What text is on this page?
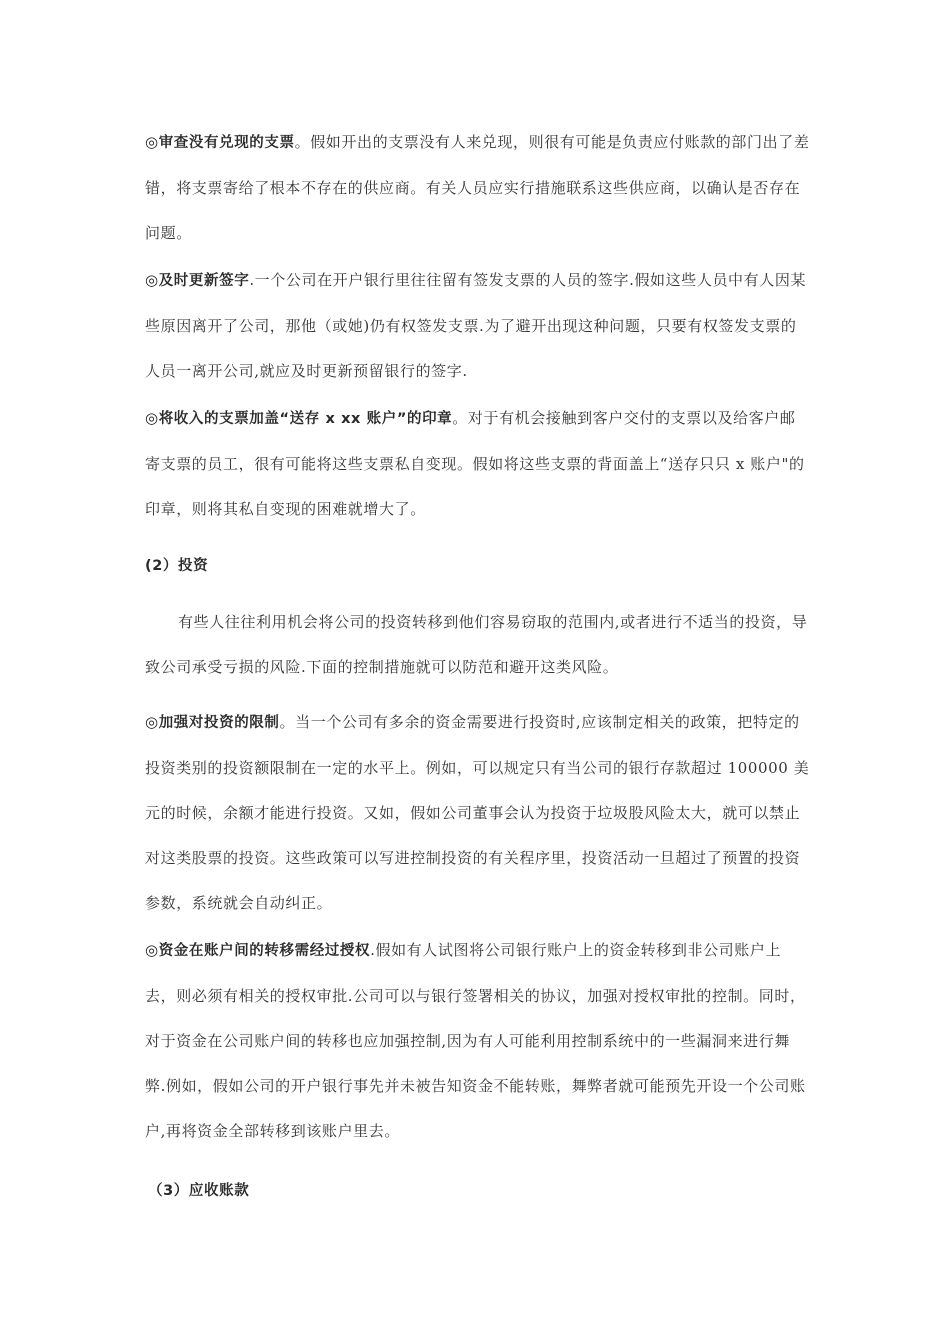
◎审查没有兑现的支票。假如开出的支票没有人来兑现，则很有可能是负责应付账款的部门出了差错，将支票寄给了根本不存在的供应商。有关人员应实行措施联系这些供应商，以确认是否存在问题。

◎及时更新签字.一个公司在开户银行里往往留有签发支票的人员的签字.假如这些人员中有人因某些原因离开了公司，那他（或她)仍有权签发支票.为了避开出现这种问题，只要有权签发支票的人员一离开公司,就应及时更新预留银行的签字.

◎将收入的支票加盖“送存 x xx 账户”的印章。对于有机会接触到客户交付的支票以及给客户邮寄支票的员工，很有可能将这些支票私自变现。假如将这些支票的背面盖上“送存只只 x 账户"的印章，则将其私自变现的困难就增大了。

(2）投资

有些人往往利用机会将公司的投资转移到他们容易窃取的范围内,或者进行不适当的投资，导致公司承受亏损的风险.下面的控制措施就可以防范和避开这类风险。

◎加强对投资的限制。当一个公司有多余的资金需要进行投资时,应该制定相关的政策，把特定的投资类别的投资额限制在一定的水平上。例如，可以规定只有当公司的银行存款超过 100000 美元的时候，余额才能进行投资。又如，假如公司董事会认为投资于垃圾股风险太大，就可以禁止对这类股票的投资。这些政策可以写进控制投资的有关程序里，投资活动一旦超过了预置的投资参数，系统就会自动纠正。

◎资金在账户间的转移需经过授权.假如有人试图将公司银行账户上的资金转移到非公司账户上去，则必须有相关的授权审批.公司可以与银行签署相关的协议，加强对授权审批的控制。同时，对于资金在公司账户间的转移也应加强控制,因为有人可能利用控制系统中的一些漏洞来进行舞弊.例如，假如公司的开户银行事先并未被告知资金不能转账，舞弊者就可能预先开设一个公司账户,再将资金全部转移到该账户里去。

（3）应收账款
